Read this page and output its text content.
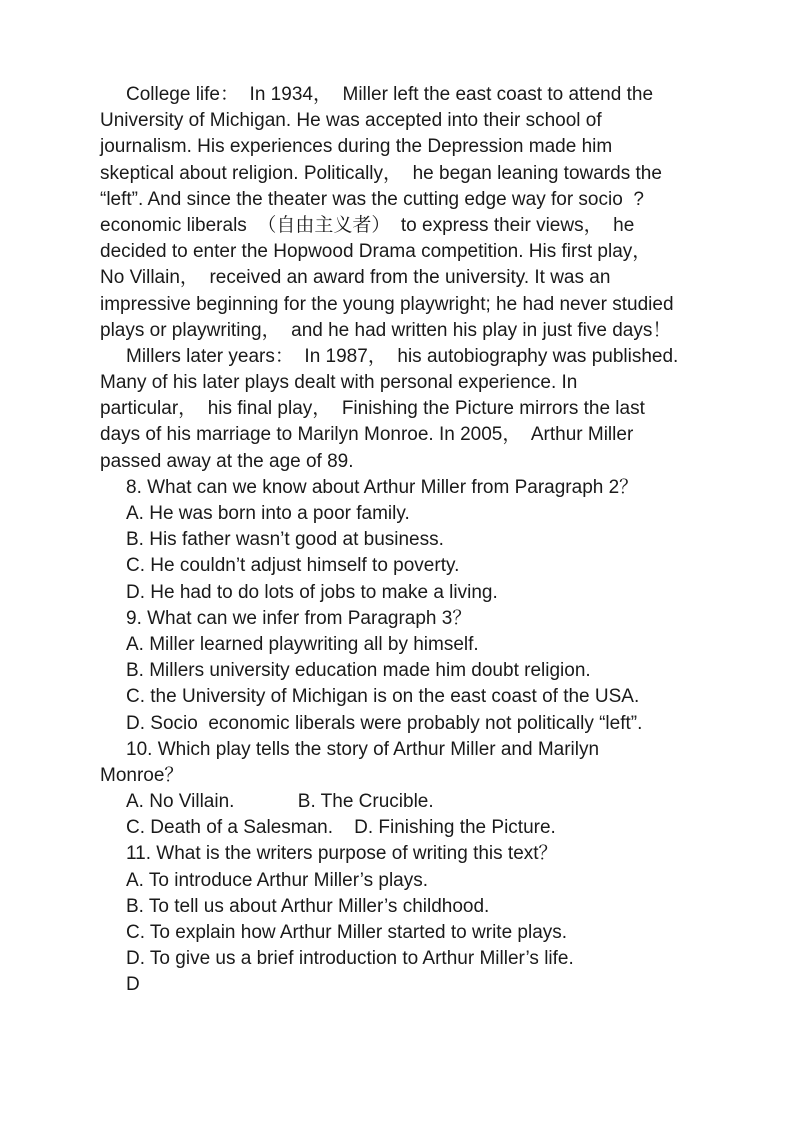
College life：  In 1934，  Miller left the east coast to attend the
University of Michigan. He was accepted into their school of
journalism. His experiences during the Depression made him
skeptical about religion. Politically，  he began leaning towards the
“left”. And since the theater was the cutting edge way for socio  ?
economic liberals  （自由主义者）  to express their views，  he
decided to enter the Hopwood Drama competition. His first play，
No Villain，  received an award from the university. It was an
impressive beginning for the young playwright; he had never studied
plays or playwriting，  and he had written his play in just five days！
Millers later years：  In 1987，  his autobiography was published.
Many of his later plays dealt with personal experience. In
particular，  his final play，  Finishing the Picture mirrors the last
days of his marriage to Marilyn Monroe. In 2005，  Arthur Miller
passed away at the age of 89.
8. What can we know about Arthur Miller from Paragraph 2？
A. He was born into a poor family.
B. His father wasn’t good at business.
C. He couldn’t adjust himself to poverty.
D. He had to do lots of jobs to make a living.
9. What can we infer from Paragraph 3？
A. Miller learned playwriting all by himself.
B. Millers university education made him doubt religion.
C. the University of Michigan is on the east coast of the USA.
D. Socio  economic liberals were probably not politically “left”.
10. Which play tells the story of Arthur Miller and Marilyn
Monroe？
A. No Villain.            B. The Crucible.
C. Death of a Salesman.    D. Finishing the Picture.
11. What is the writers purpose of writing this text？
A. To introduce Arthur Miller’s plays.
B. To tell us about Arthur Miller’s childhood.
C. To explain how Arthur Miller started to write plays.
D. To give us a brief introduction to Arthur Miller’s life.
D
